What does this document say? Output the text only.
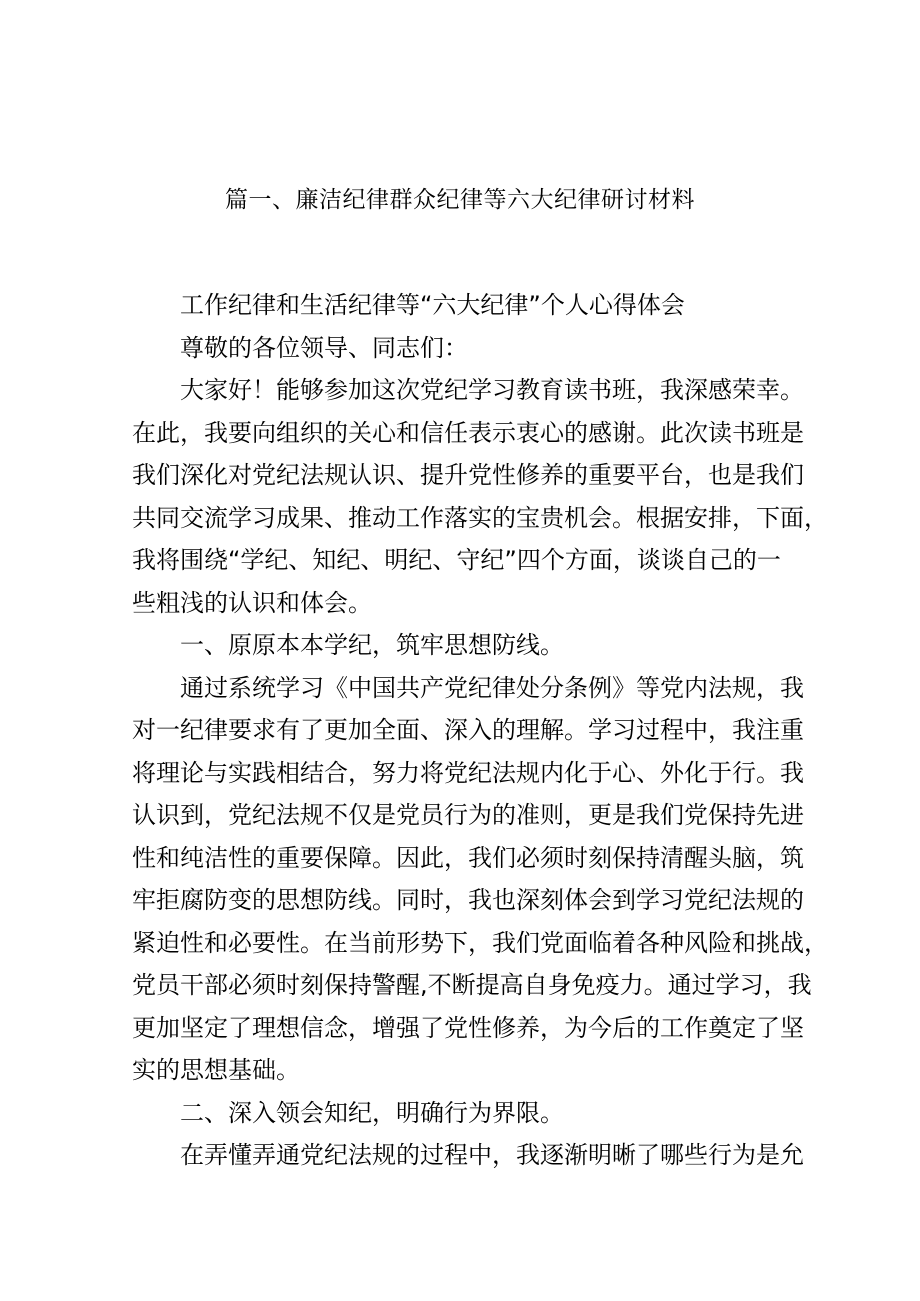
篇一、廉洁纪律群众纪律等六大纪律研讨材料

工作纪律和生活纪律等“六大纪律”个人心得体会

尊敬的各位领导、同志们：

大家好！能够参加这次党纪学习教育读书班，我深感荣幸。
在此，我要向组织的关心和信任表示衷心的感谢。此次读书班是
我们深化对党纪法规认识、提升党性修养的重要平台，也是我们
共同交流学习成果、推动工作落实的宝贵机会。根据安排，下面，
我将围绕“学纪、知纪、明纪、守纪”四个方面，谈谈自己的一
些粗浅的认识和体会。

一、原原本本学纪，筑牢思想防线。

通过系统学习《中国共产党纪律处分条例》等党内法规，我
对一纪律要求有了更加全面、深入的理解。学习过程中，我注重
将理论与实践相结合，努力将党纪法规内化于心、外化于行。我
认识到，党纪法规不仅是党员行为的准则，更是我们党保持先进
性和纯洁性的重要保障。因此，我们必须时刻保持清醒头脑，筑
牢拒腐防变的思想防线。同时，我也深刻体会到学习党纪法规的
紧迫性和必要性。在当前形势下，我们党面临着各种风险和挑战，
党员干部必须时刻保持警醒,不断提高自身免疫力。通过学习，我
更加坚定了理想信念，增强了党性修养，为今后的工作奠定了坚
实的思想基础。

二、深入领会知纪，明确行为界限。

在弄懂弄通党纪法规的过程中，我逐渐明晰了哪些行为是允
